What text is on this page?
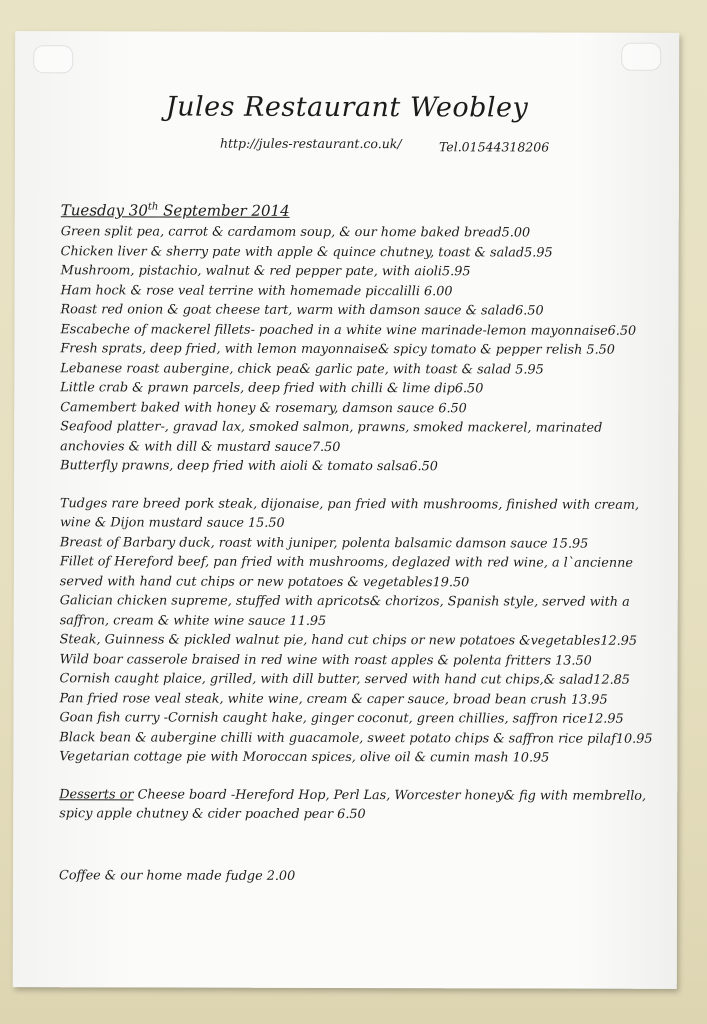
Jules Restaurant Weobley
http://jules-restaurant.co.uk/	Tel.01544318206
Tuesday 30th September 2014
Green split pea, carrot & cardamom soup, & our home baked bread5.00
Chicken liver & sherry pate with apple & quince chutney, toast & salad5.95
Mushroom, pistachio, walnut & red pepper pate, with aioli5.95
Ham hock & rose veal terrine with homemade piccalilli 6.00
Roast red onion & goat cheese tart, warm with damson sauce & salad6.50
Escabeche of mackerel fillets- poached in a white wine marinade-lemon mayonnaise6.50
Fresh sprats, deep fried, with lemon mayonnaise& spicy tomato & pepper relish 5.50
Lebanese roast aubergine, chick pea& garlic pate, with toast & salad 5.95
Little crab & prawn parcels, deep fried with chilli & lime dip6.50
Camembert baked with honey & rosemary, damson sauce 6.50
Seafood platter-, gravad lax, smoked salmon, prawns, smoked mackerel, marinated
anchovies & with dill & mustard sauce7.50
Butterfly prawns, deep fried with aioli & tomato salsa6.50
Tudges rare breed pork steak, dijonaise, pan fried with mushrooms, finished with cream,
wine & Dijon mustard sauce 15.50
Breast of Barbary duck, roast with juniper, polenta balsamic damson sauce 15.95
Fillet of Hereford beef, pan fried with mushrooms, deglazed with red wine, a l`ancienne
served with hand cut chips or new potatoes & vegetables19.50
Galician chicken supreme, stuffed with apricots& chorizos, Spanish style, served with a
saffron, cream & white wine sauce 11.95
Steak, Guinness & pickled walnut pie, hand cut chips or new potatoes &vegetables12.95
Wild boar casserole braised in red wine with roast apples & polenta fritters 13.50
Cornish caught plaice, grilled, with dill butter, served with hand cut chips,& salad12.85
Pan fried rose veal steak, white wine, cream & caper sauce, broad bean crush 13.95
Goan fish curry -Cornish caught hake, ginger coconut, green chillies, saffron rice12.95
Black bean & aubergine chilli with guacamole, sweet potato chips & saffron rice pilaf10.95
Vegetarian cottage pie with Moroccan spices, olive oil & cumin mash 10.95
Desserts or Cheese board -Hereford Hop, Perl Las, Worcester honey& fig with membrello,
spicy apple chutney & cider poached pear 6.50
Coffee & our home made fudge 2.00
